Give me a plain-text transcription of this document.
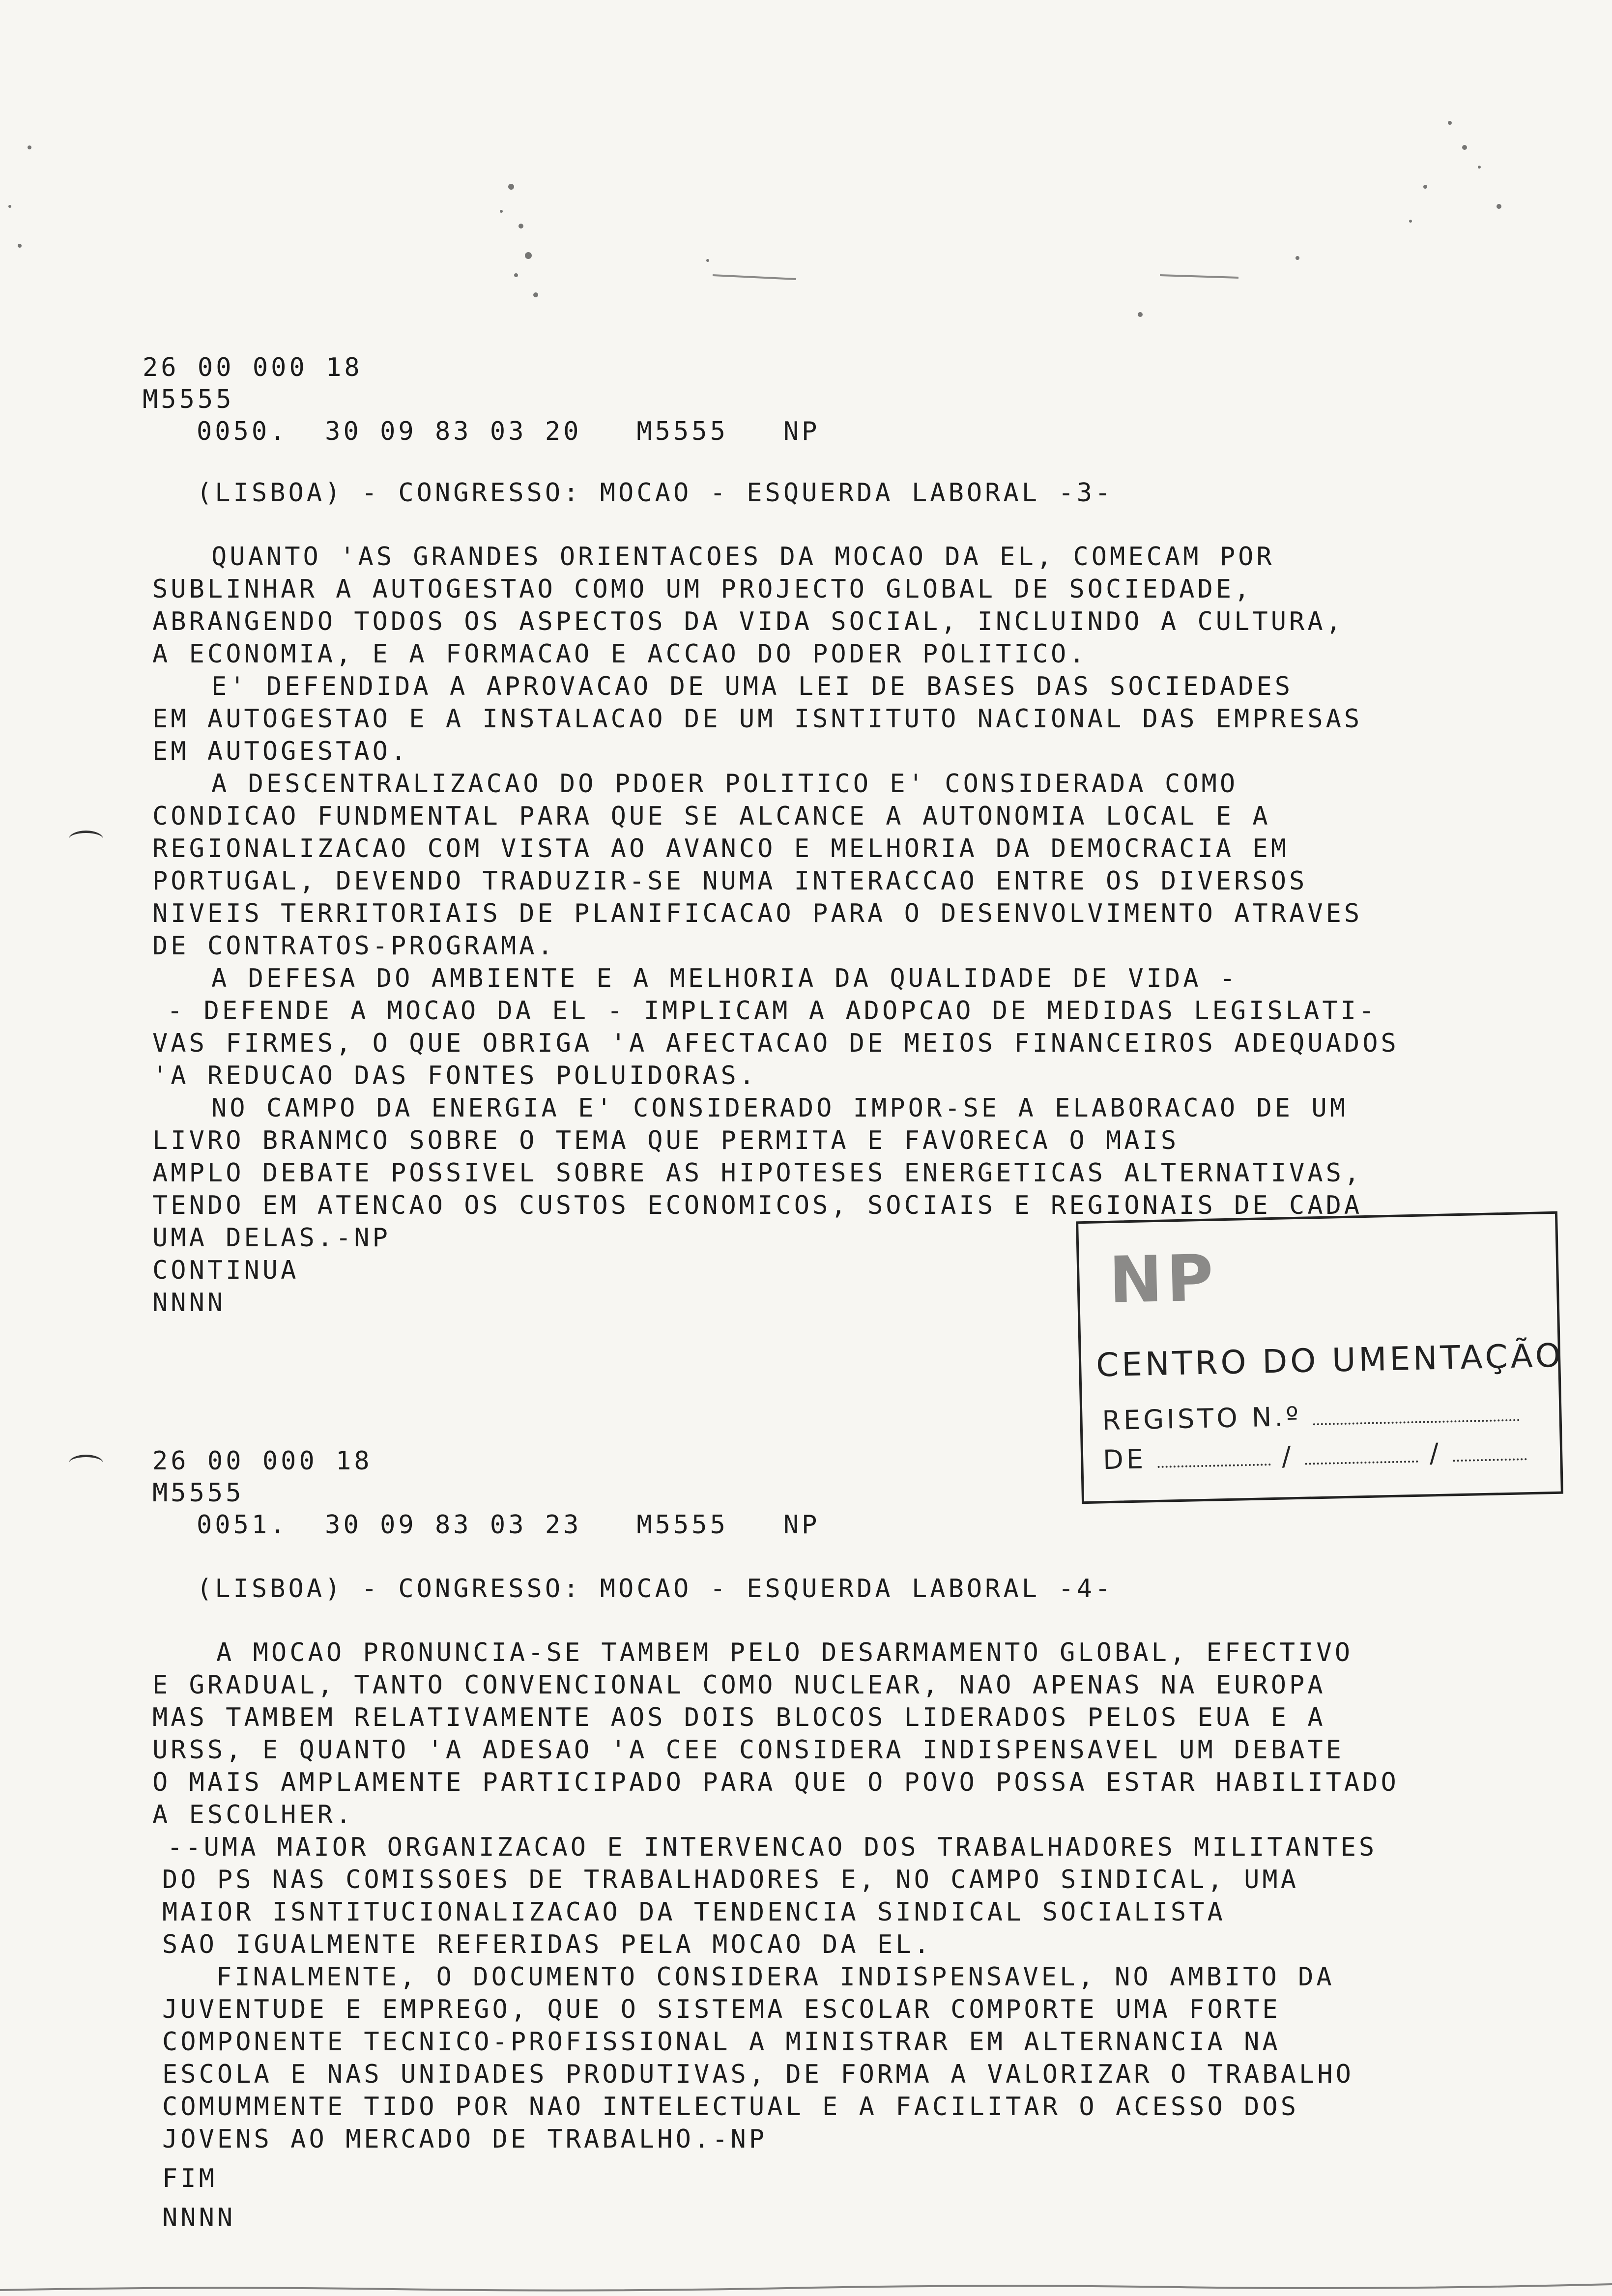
26 00 000 18
M5555
0050.  30 09 83 03 20   M5555   NP
(LISBOA) - CONGRESSO: MOCAO - ESQUERDA LABORAL -3-
QUANTO 'AS GRANDES ORIENTACOES DA MOCAO DA EL, COMECAM POR
SUBLINHAR A AUTOGESTAO COMO UM PROJECTO GLOBAL DE SOCIEDADE,
ABRANGENDO TODOS OS ASPECTOS DA VIDA SOCIAL, INCLUINDO A CULTURA,
A ECONOMIA, E A FORMACAO E ACCAO DO PODER POLITICO.
E' DEFENDIDA A APROVACAO DE UMA LEI DE BASES DAS SOCIEDADES
EM AUTOGESTAO E A INSTALACAO DE UM ISNTITUTO NACIONAL DAS EMPRESAS
EM AUTOGESTAO.
A DESCENTRALIZACAO DO PDOER POLITICO E' CONSIDERADA COMO
CONDICAO FUNDMENTAL PARA QUE SE ALCANCE A AUTONOMIA LOCAL E A
REGIONALIZACAO COM VISTA AO AVANCO E MELHORIA DA DEMOCRACIA EM
PORTUGAL, DEVENDO TRADUZIR-SE NUMA INTERACCAO ENTRE OS DIVERSOS
NIVEIS TERRITORIAIS DE PLANIFICACAO PARA O DESENVOLVIMENTO ATRAVES
DE CONTRATOS-PROGRAMA.
A DEFESA DO AMBIENTE E A MELHORIA DA QUALIDADE DE VIDA -
- DEFENDE A MOCAO DA EL - IMPLICAM A ADOPCAO DE MEDIDAS LEGISLATI-
VAS FIRMES, O QUE OBRIGA 'A AFECTACAO DE MEIOS FINANCEIROS ADEQUADOS
'A REDUCAO DAS FONTES POLUIDORAS.
NO CAMPO DA ENERGIA E' CONSIDERADO IMPOR-SE A ELABORACAO DE UM
LIVRO BRANMCO SOBRE O TEMA QUE PERMITA E FAVORECA O MAIS
AMPLO DEBATE POSSIVEL SOBRE AS HIPOTESES ENERGETICAS ALTERNATIVAS,
TENDO EM ATENCAO OS CUSTOS ECONOMICOS, SOCIAIS E REGIONAIS DE CADA
UMA DELAS.-NP
CONTINUA
NNNN	NP
CENTRO DO UMENTAÇÃO
REGISTO N.º
DE	/	/
26 00 000 18
M5555
0051.  30 09 83 03 23   M5555   NP
(LISBOA) - CONGRESSO: MOCAO - ESQUERDA LABORAL -4-
A MOCAO PRONUNCIA-SE TAMBEM PELO DESARMAMENTO GLOBAL, EFECTIVO
E GRADUAL, TANTO CONVENCIONAL COMO NUCLEAR, NAO APENAS NA EUROPA
MAS TAMBEM RELATIVAMENTE AOS DOIS BLOCOS LIDERADOS PELOS EUA E A
URSS, E QUANTO 'A ADESAO 'A CEE CONSIDERA INDISPENSAVEL UM DEBATE
O MAIS AMPLAMENTE PARTICIPADO PARA QUE O POVO POSSA ESTAR HABILITADO
A ESCOLHER.
--UMA MAIOR ORGANIZACAO E INTERVENCAO DOS TRABALHADORES MILITANTES
DO PS NAS COMISSOES DE TRABALHADORES E, NO CAMPO SINDICAL, UMA
MAIOR ISNTITUCIONALIZACAO DA TENDENCIA SINDICAL SOCIALISTA
SAO IGUALMENTE REFERIDAS PELA MOCAO DA EL.
FINALMENTE, O DOCUMENTO CONSIDERA INDISPENSAVEL, NO AMBITO DA
JUVENTUDE E EMPREGO, QUE O SISTEMA ESCOLAR COMPORTE UMA FORTE
COMPONENTE TECNICO-PROFISSIONAL A MINISTRAR EM ALTERNANCIA NA
ESCOLA E NAS UNIDADES PRODUTIVAS, DE FORMA A VALORIZAR O TRABALHO
COMUMMENTE TIDO POR NAO INTELECTUAL E A FACILITAR O ACESSO DOS
JOVENS AO MERCADO DE TRABALHO.-NP
FIM
NNNN
